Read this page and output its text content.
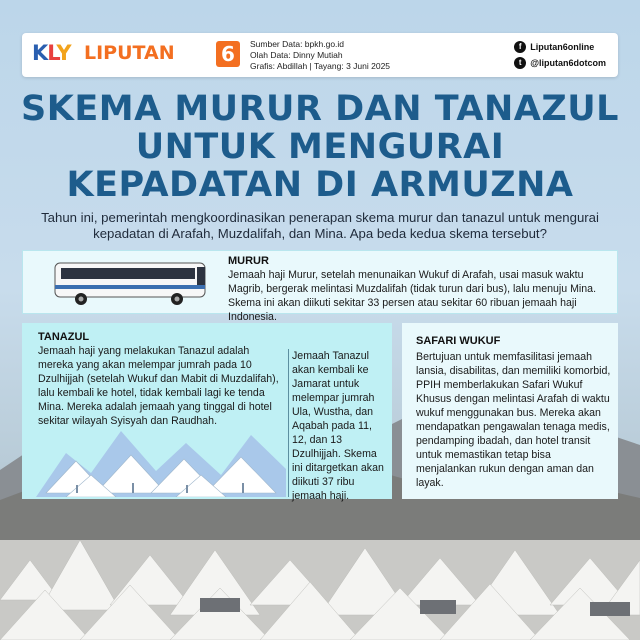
KLY LIPUTAN 6	Sumber Data: bpkh.go.id
Olah Data: Dinny Mutiah
Grafis: Abdillah | Tayang: 3 Juni 2025
f Liputan6online
t @liputan6dotcom
SKEMA MURUR DAN TANAZUL
UNTUK MENGURAI
KEPADATAN DI ARMUZNA
Tahun ini, pemerintah mengkoordinasikan penerapan skema murur dan tanazul untuk mengurai kepadatan di Arafah, Muzdalifah, dan Mina. Apa beda kedua skema tersebut?
MURUR
Jemaah haji Murur, setelah menunaikan Wukuf di Arafah, usai masuk waktu Magrib, bergerak melintasi Muzdalifah (tidak turun dari bus), lalu menuju Mina. Skema ini akan diikuti sekitar 33 persen atau sekitar 60 ribuan jemaah haji Indonesia.
TANAZUL
Jemaah haji yang melakukan Tanazul adalah mereka yang akan melempar jumrah pada 10 Dzulhijjah (setelah Wukuf dan Mabit di Muzdalifah), lalu kembali ke hotel, tidak kembali lagi ke tenda Mina. Mereka adalah jemaah yang tinggal di hotel sekitar wilayah Syisyah dan Raudhah.
Jemaah Tanazul akan kembali ke Jamarat untuk melempar jumrah Ula, Wustha, dan Aqabah pada 11, 12, dan 13 Dzulhijjah. Skema ini ditargetkan akan diikuti 37 ribu jemaah haji.
SAFARI WUKUF
Bertujuan untuk memfasilitasi jemaah lansia, disabilitas, dan memiliki komorbid, PPIH memberlakukan Safari Wukuf Khusus dengan melintasi Arafah di waktu wukuf menggunakan bus. Mereka akan mendapatkan pengawalan tenaga medis, pendamping ibadah, dan hotel transit untuk memastikan tetap bisa menjalankan rukun dengan aman dan layak.
